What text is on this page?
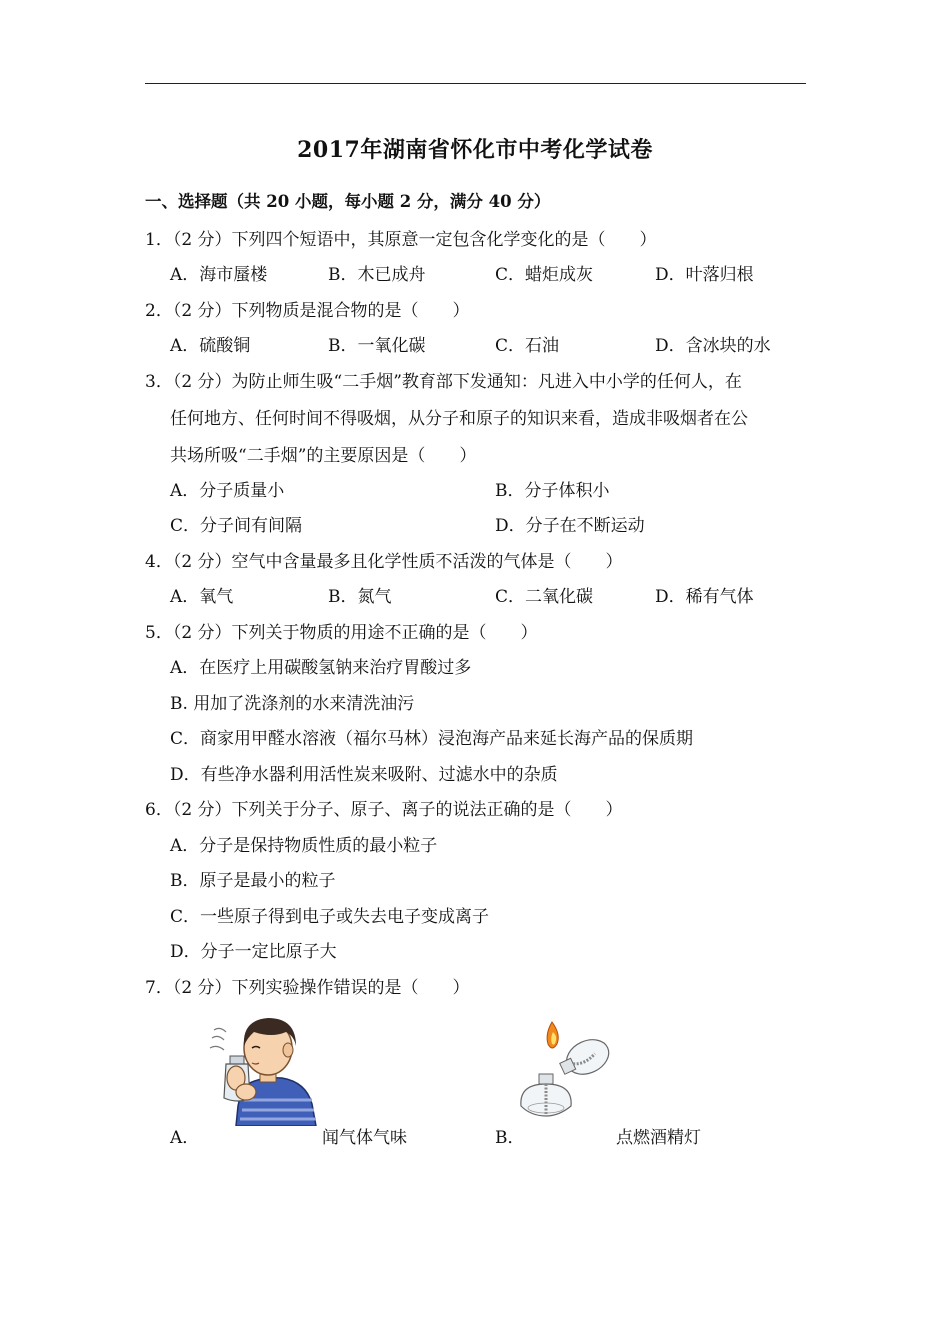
2017年湖南省怀化市中考化学试卷
一、选择题（共 20 小题，每小题 2 分，满分 40 分）
1．（2 分）下列四个短语中，其原意一定包含化学变化的是（　　）
A．海市蜃楼	B．木已成舟	C．蜡炬成灰	D．叶落归根
2．（2 分）下列物质是混合物的是（　　）
A．硫酸铜	B．一氧化碳	C．石油	D．含冰块的水
3．（2 分）为防止师生吸“二手烟”教育部下发通知：凡进入中小学的任何人，在
任何地方、任何时间不得吸烟，从分子和原子的知识来看，造成非吸烟者在公
共场所吸“二手烟”的主要原因是（　　）
A．分子质量小	B．分子体积小
C．分子间有间隔	D．分子在不断运动
4．（2 分）空气中含量最多且化学性质不活泼的气体是（　　）
A．氧气	B．氮气	C．二氧化碳	D．稀有气体
5．（2 分）下列关于物质的用途不正确的是（　　）
A．在医疗上用碳酸氢钠来治疗胃酸过多
B. 用加了洗涤剂的水来清洗油污
C．商家用甲醛水溶液（福尔马林）浸泡海产品来延长海产品的保质期
D．有些净水器利用活性炭来吸附、过滤水中的杂质
6．（2 分）下列关于分子、原子、离子的说法正确的是（　　）
A．分子是保持物质性质的最小粒子
B．原子是最小的粒子
C．一些原子得到电子或失去电子变成离子
D．分子一定比原子大
7．（2 分）下列实验操作错误的是（　　）
A．	闻气体气味	B．	点燃酒精灯
